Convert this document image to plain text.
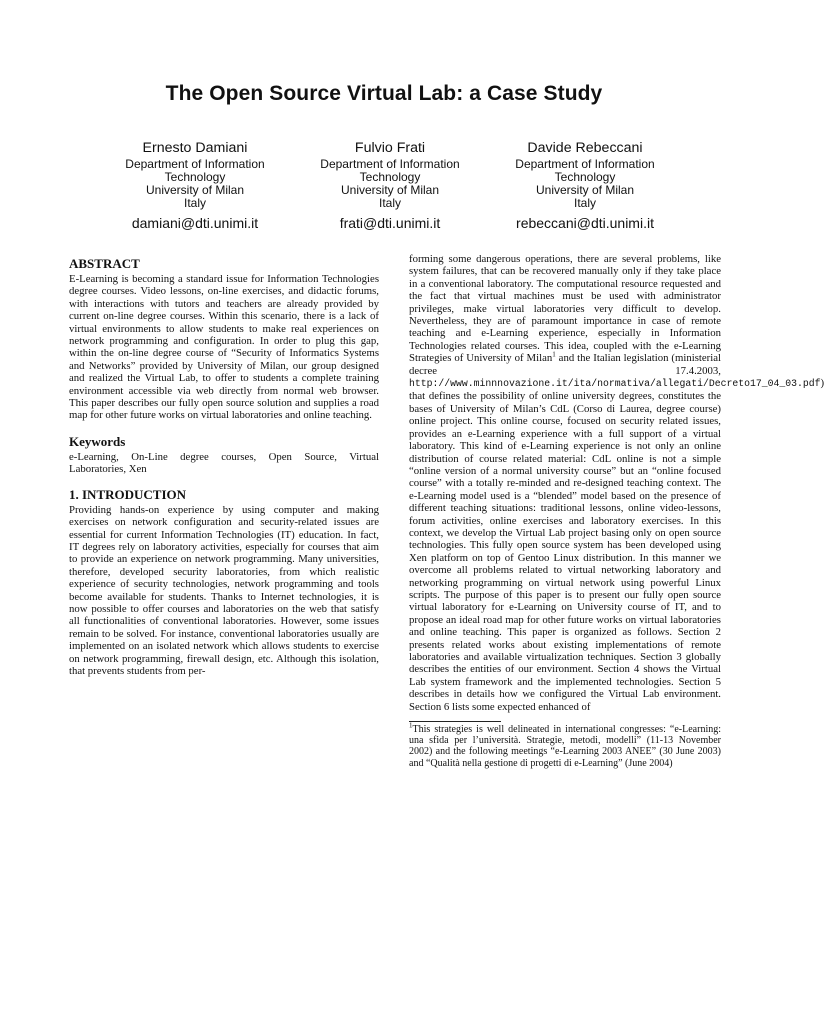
The Open Source Virtual Lab: a Case Study
Ernesto Damiani
Department of Information
Technology
University of Milan
Italy
damiani@dti.unimi.it
Fulvio Frati
Department of Information
Technology
University of Milan
Italy
frati@dti.unimi.it
Davide Rebeccani
Department of Information
Technology
University of Milan
Italy
rebeccani@dti.unimi.it
ABSTRACT

E-Learning is becoming a standard issue for Information Technologies degree courses. Video lessons, on-line exercises, and didactic forums, with interactions with tutors and teachers are already provided by current on-line degree courses. Within this scenario, there is a lack of virtual environments to allow students to make real experiences on network programming and configuration. In order to plug this gap, within the on-line degree course of “Security of Informatics Systems and Networks” provided by University of Milan, our group designed and realized the Virtual Lab, to offer to students a complete training environment accessible via web directly from normal web browser. This paper describes our fully open source solution and supplies a road map for other future works on virtual laboratories and online teaching.

Keywords

e-Learning, On-Line degree courses, Open Source, Virtual Laboratories, Xen

1. INTRODUCTION

Providing hands-on experience by using computer and making exercises on network configuration and security-related issues are essential for current Information Technologies (IT) education. In fact, IT degrees rely on laboratory activities, especially for courses that aim to provide an experience on network programming. Many universities, therefore, developed security laboratories, from which realistic experience of security technologies, network programming and tools become available for students. Thanks to Internet technologies, it is now possible to offer courses and laboratories on the web that satisfy all functionalities of conventional laboratories. However, some issues remain to be solved. For instance, conventional laboratories usually are implemented on an isolated network which allows students to exercise on network programming, firewall design, etc. Although this isolation, that prevents students from per-

forming some dangerous operations, there are several problems, like system failures, that can be recovered manually only if they take place in a conventional laboratory. The computational resource requested and the fact that virtual machines must be used with administrator privileges, make virtual laboratories very difficult to develop. Nevertheless, they are of paramount importance in case of remote teaching and e-Learning experience, especially in Information Technologies related courses. This idea, coupled with the e-Learning Strategies of University of Milan$^1$ and the Italian legislation (ministerial decree 17.4.2003, http://www.minnnovazione.it/ita/normativa/allegati/Decreto17_04_03.pdf) that defines the possibility of online university degrees, constitutes the bases of University of Milan’s CdL (Corso di Laurea, degree course) online project. This online course, focused on security related issues, provides an e-Learning experience with a full support of a virtual laboratory. This kind of e-Learning experience is not only an online distribution of course related material: CdL online is not a simple “online version of a normal university course” but an “online focused course” with a totally re-minded and re-designed teaching context. The e-Learning model used is a “blended” model based on the presence of different teaching situations: traditional lessons, online video-lessons, forum activities, online exercises and laboratory exercises. In this context, we develop the Virtual Lab project basing only on open source technologies. This fully open source system has been developed using Xen platform on top of Gentoo Linux distribution. In this manner we overcome all problems related to virtual networking laboratory and networking programming on virtual network using powerful Linux scripts. The purpose of this paper is to present our fully open source virtual laboratory for e-Learning on University course of IT, and to propose an ideal road map for other future works on virtual laboratories and online teaching. This paper is organized as follows. Section 2 presents related works about existing implementations of remote laboratories and available virtualization techniques. Section 3 globally describes the entities of our environment. Section 4 shows the Virtual Lab system framework and the implemented technologies. Section 5 describes in details how we configured the Virtual Lab environment. Section 6 lists some expected enhanced of

$^1$This strategies is well delineated in international congresses: “e-Learning: una sfida per l’università. Strategie, metodi, modelli” (11-13 November 2002) and the following meetings “e-Learning 2003 ANEE” (30 June 2003) and “Qualità nella gestione di progetti di e-Learning” (June 2004)
